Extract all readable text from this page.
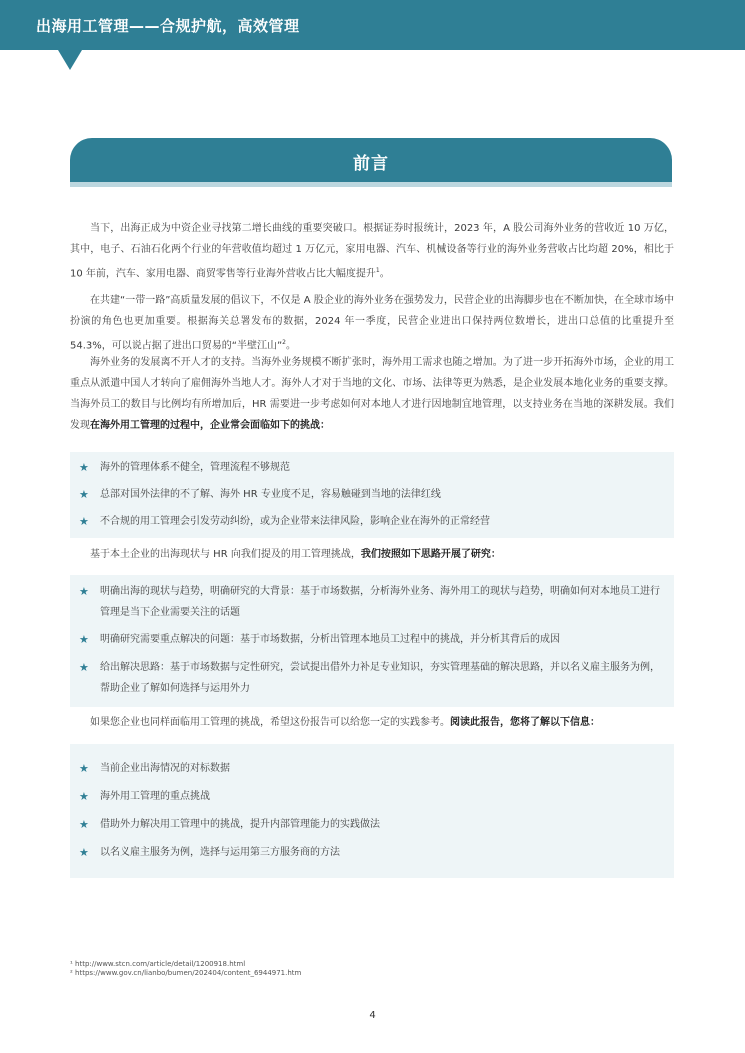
出海用工管理——合规护航，高效管理
前言

当下，出海正成为中资企业寻找第二增长曲线的重要突破口。根据证券时报统计，2023 年，A 股公司海外业务的营收近 10 万亿，其中，电子、石油石化两个行业的年营收值均超过 1 万亿元，家用电器、汽车、机械设备等行业的海外业务营收占比均超 20%，相比于 10 年前，汽车、家用电器、商贸零售等行业海外营收占比大幅度提升$^1$。

在共建“一带一路”高质量发展的倡议下，不仅是 A 股企业的海外业务在强势发力，民营企业的出海脚步也在不断加快，在全球市场中扮演的角色也更加重要。根据海关总署发布的数据，2024 年一季度，民营企业进出口保持两位数增长，进出口总值的比重提升至 54.3%，可以说占据了进出口贸易的“半壁江山”$^2$。

海外业务的发展离不开人才的支持。当海外业务规模不断扩张时，海外用工需求也随之增加。为了进一步开拓海外市场，企业的用工重点从派遣中国人才转向了雇佣海外当地人才。海外人才对于当地的文化、市场、法律等更为熟悉，是企业发展本地化业务的重要支撑。当海外员工的数目与比例均有所增加后，HR 需要进一步考虑如何对本地人才进行因地制宜地管理，以支持业务在当地的深耕发展。我们发现在海外用工管理的过程中，企业常会面临如下的挑战：

★ 海外的管理体系不健全，管理流程不够规范
★ 总部对国外法律的不了解、海外 HR 专业度不足，容易触碰到当地的法律红线
★ 不合规的用工管理会引发劳动纠纷，或为企业带来法律风险，影响企业在海外的正常经营

基于本土企业的出海现状与 HR 向我们提及的用工管理挑战，我们按照如下思路开展了研究：

★ 明确出海的现状与趋势，明确研究的大背景：基于市场数据，分析海外业务、海外用工的现状与趋势，明确如何对本地员工进行管理是当下企业需要关注的话题
★ 明确研究需要重点解决的问题：基于市场数据，分析出管理本地员工过程中的挑战，并分析其背后的成因
★ 给出解决思路：基于市场数据与定性研究，尝试提出借外力补足专业知识，夯实管理基础的解决思路，并以名义雇主服务为例，帮助企业了解如何选择与运用外力

如果您企业也同样面临用工管理的挑战，希望这份报告可以给您一定的实践参考。阅读此报告，您将了解以下信息：

★ 当前企业出海情况的对标数据
★ 海外用工管理的重点挑战
★ 借助外力解决用工管理中的挑战，提升内部管理能力的实践做法
★ 以名义雇主服务为例，选择与运用第三方服务商的方法
¹ http://www.stcn.com/article/detail/1200918.html
² https://www.gov.cn/lianbo/bumen/202404/content_6944971.htm
4
